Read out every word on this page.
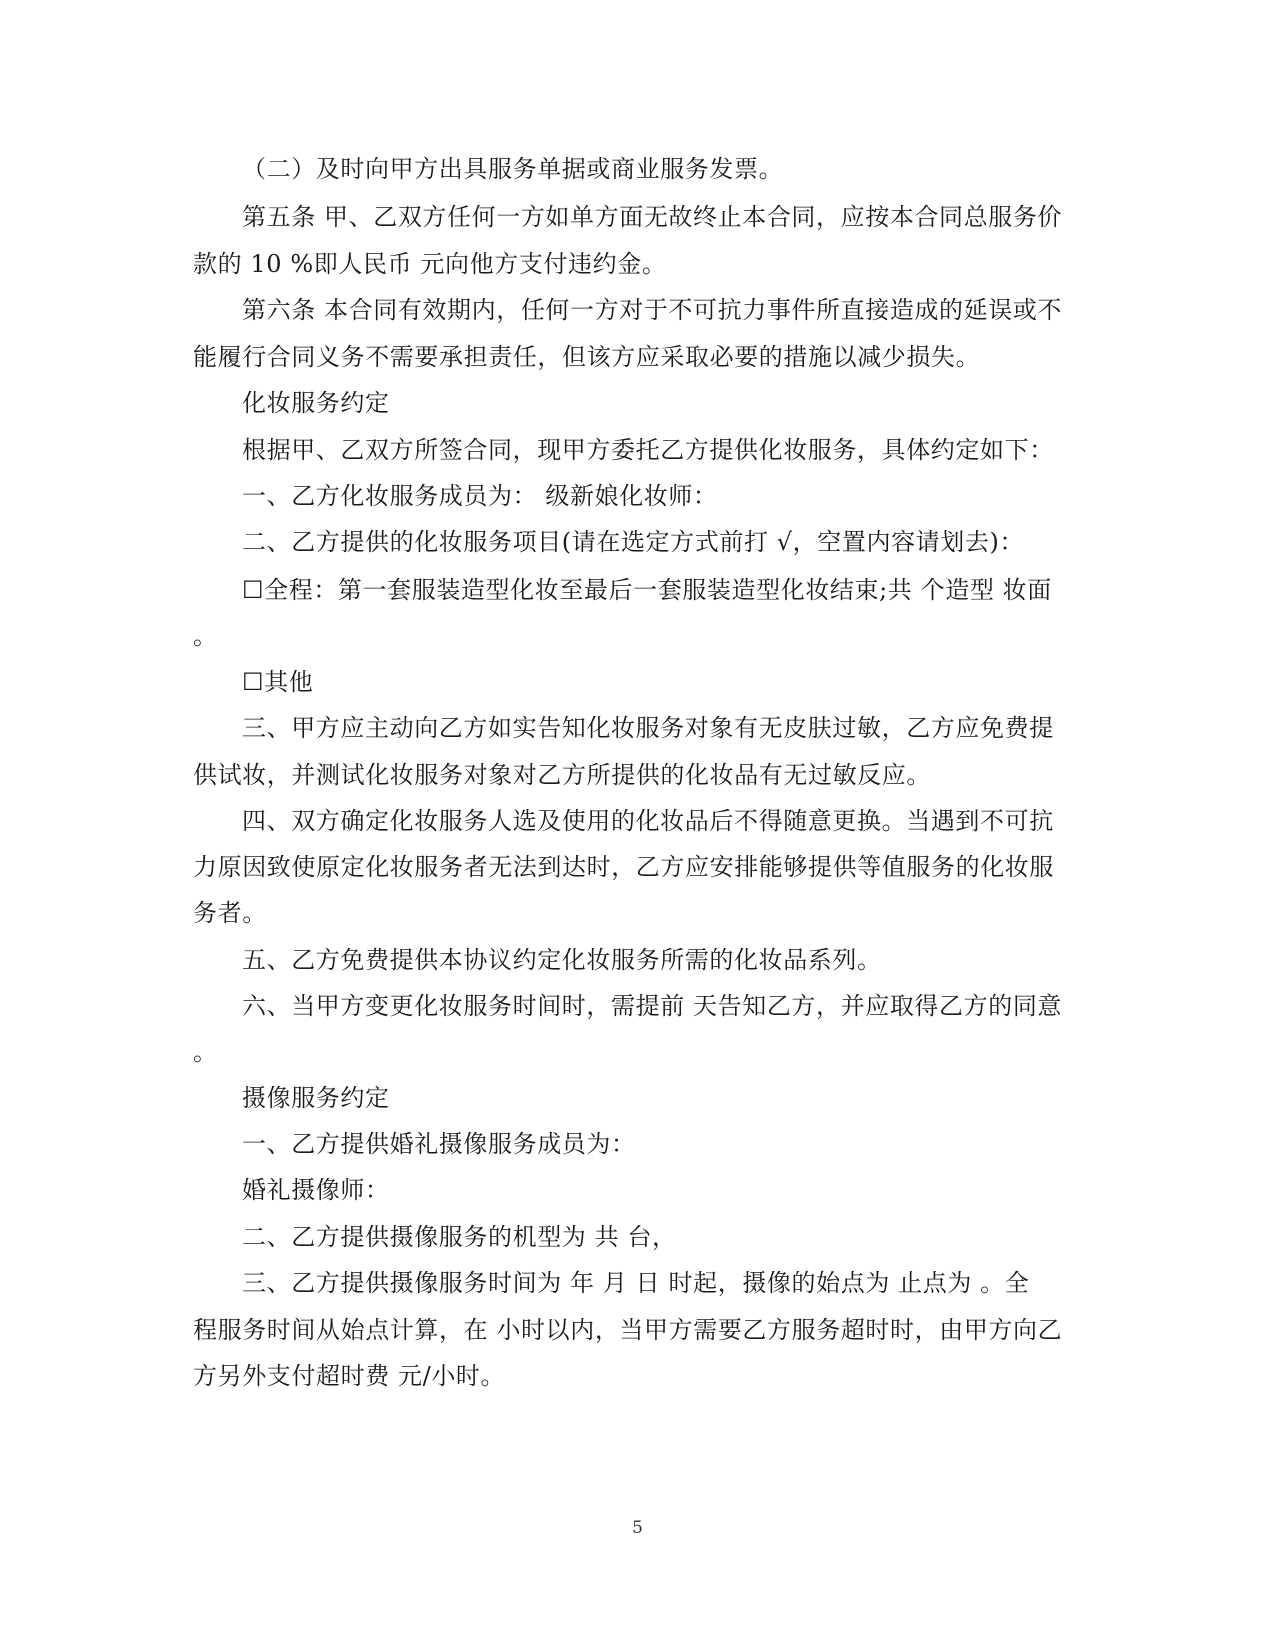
（二）及时向甲方出具服务单据或商业服务发票。
第五条 甲、乙双方任何一方如单方面无故终止本合同，应按本合同总服务价
款的 10 %即人民币 元向他方支付违约金。
第六条 本合同有效期内，任何一方对于不可抗力事件所直接造成的延误或不
能履行合同义务不需要承担责任，但该方应采取必要的措施以减少损失。
化妆服务约定
根据甲、乙双方所签合同，现甲方委托乙方提供化妆服务，具体约定如下：
一、乙方化妆服务成员为： 级新娘化妆师：
二、乙方提供的化妆服务项目(请在选定方式前打 √，空置内容请划去)：
☐全程：第一套服装造型化妆至最后一套服装造型化妆结束;共 个造型 妆面
。
☐其他
三、甲方应主动向乙方如实告知化妆服务对象有无皮肤过敏，乙方应免费提
供试妆，并测试化妆服务对象对乙方所提供的化妆品有无过敏反应。
四、双方确定化妆服务人选及使用的化妆品后不得随意更换。当遇到不可抗
力原因致使原定化妆服务者无法到达时，乙方应安排能够提供等值服务的化妆服
务者。
五、乙方免费提供本协议约定化妆服务所需的化妆品系列。
六、当甲方变更化妆服务时间时，需提前 天告知乙方，并应取得乙方的同意
。
摄像服务约定
一、乙方提供婚礼摄像服务成员为：
婚礼摄像师：
二、乙方提供摄像服务的机型为 共 台，
三、乙方提供摄像服务时间为 年 月 日 时起，摄像的始点为 止点为 。全
程服务时间从始点计算，在 小时以内，当甲方需要乙方服务超时时，由甲方向乙
方另外支付超时费 元/小时。
5
